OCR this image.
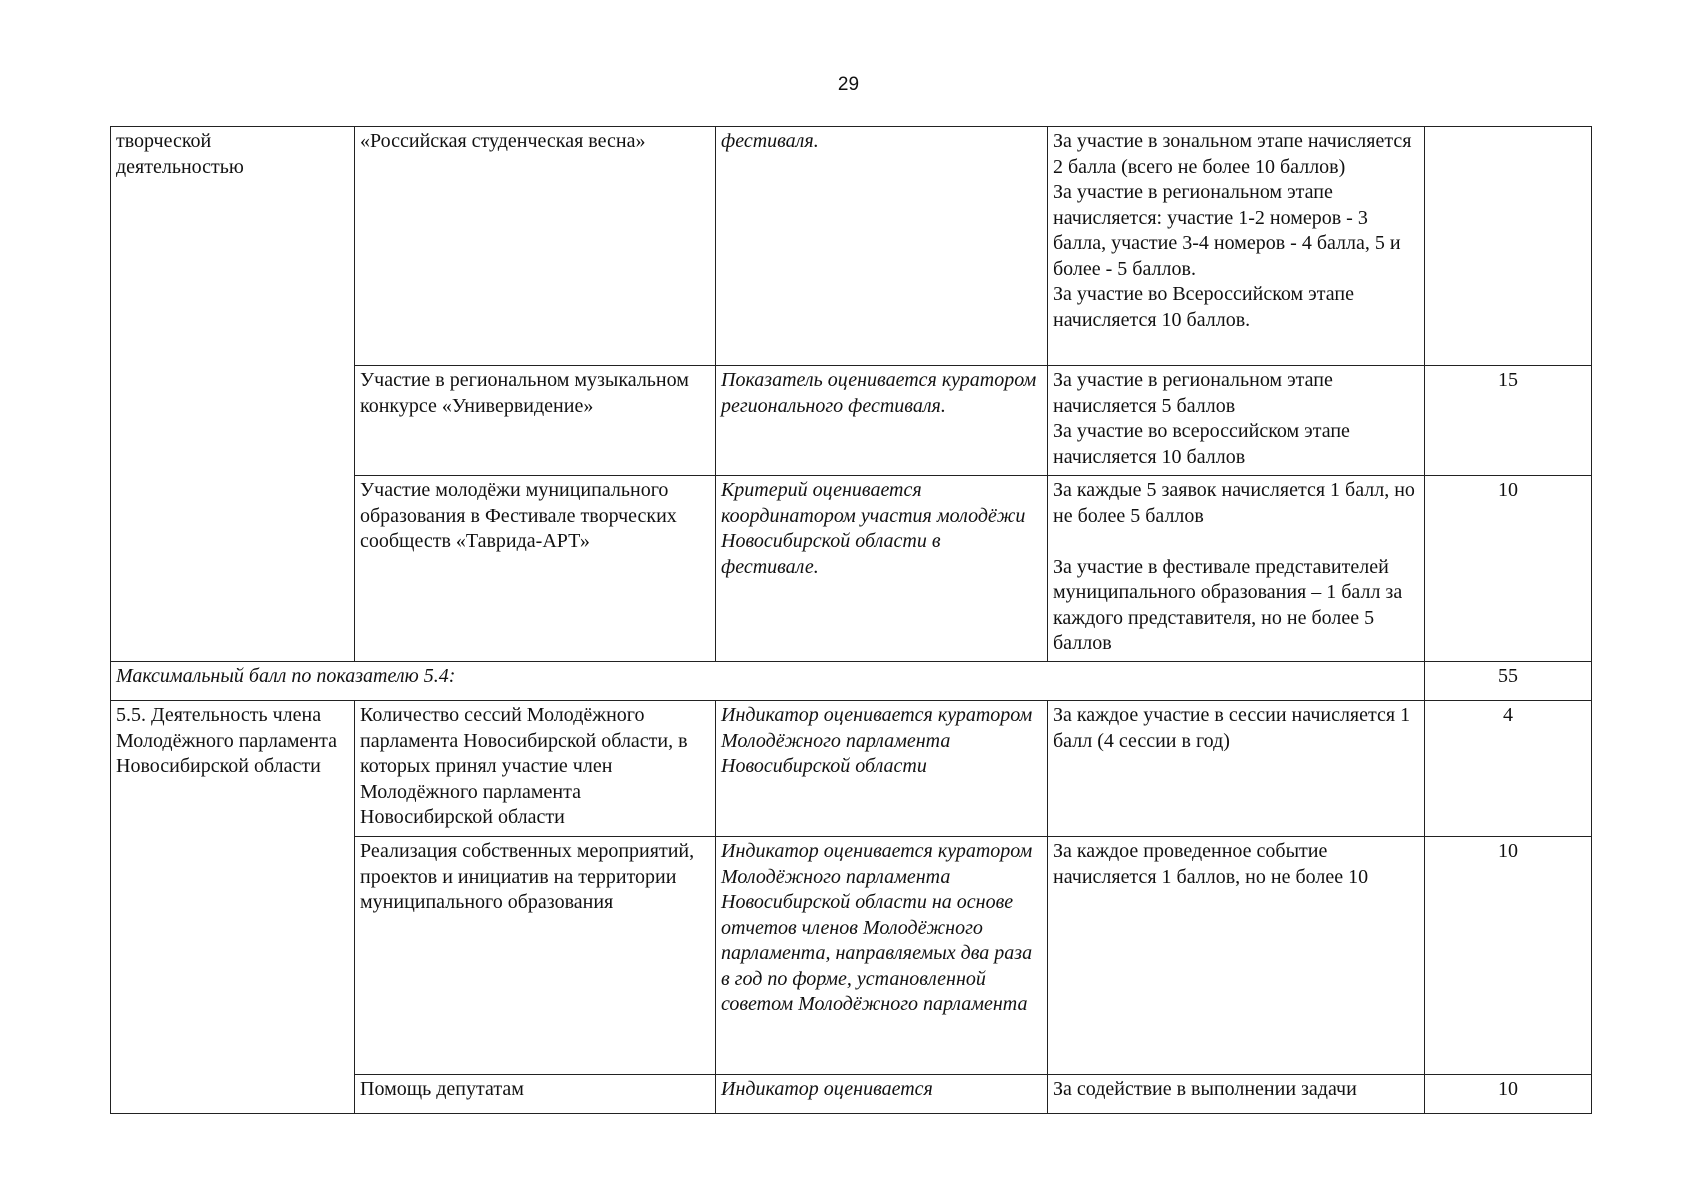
29
творческой
деятельностью	«Российская студенческая весна»	фестиваля.	За участие в зональном этапе начисляется 2 балла (всего не более 10 баллов)
За участие в региональном этапе начисляется: участие 1-2 номеров - 3 балла, участие 3-4 номеров - 4 балла, 5 и более - 5 баллов.
За участие во Всероссийском этапе начисляется 10 баллов.	
	Участие в региональном музыкальном конкурсе «Универвидение»	Показатель оценивается куратором регионального фестиваля.	За участие в региональном этапе начисляется 5 баллов
За участие во всероссийском этапе начисляется 10 баллов	15
	Участие молодёжи муниципального образования в Фестивале творческих сообществ «Таврида-АРТ»	Критерий оценивается координатором участия молодёжи Новосибирской области в фестивале.	За каждые 5 заявок начисляется 1 балл, но не более 5 баллов

За участие в фестивале представителей муниципального образования – 1 балл за каждого представителя, но не более 5 баллов	10
Максимальный балл по показателю 5.4:				55
5.5. Деятельность члена Молодёжного парламента Новосибирской области	Количество сессий Молодёжного парламента Новосибирской области, в которых принял участие член Молодёжного парламента Новосибирской области	Индикатор оценивается куратором Молодёжного парламента Новосибирской области	За каждое участие в сессии начисляется 1 балл (4 сессии в год)	4
	Реализация собственных мероприятий, проектов и инициатив на территории муниципального образования	Индикатор оценивается куратором Молодёжного парламента Новосибирской области на основе отчетов членов Молодёжного парламента, направляемых два раза в год по форме, установленной советом Молодёжного парламента	За каждое проведенное событие начисляется 1 баллов, но не более 10	10
	Помощь депутатам	Индикатор оценивается	За содействие в выполнении задачи	10
